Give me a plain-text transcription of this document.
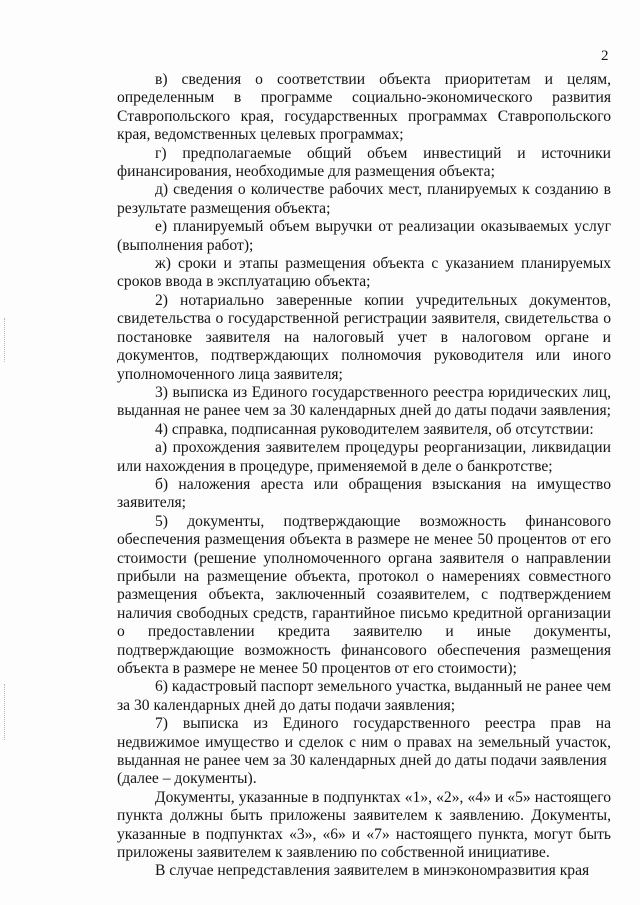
2

в) сведения о соответствии объекта приоритетам и целям, определенным в программе социально-экономического развития Ставропольского края, государственных программах Ставропольского края, ведомственных целевых программах;

г) предполагаемые общий объем инвестиций и источники финансирования, необходимые для размещения объекта;

д) сведения о количестве рабочих мест, планируемых к созданию в результате размещения объекта;

е) планируемый объем выручки от реализации оказываемых услуг (выполнения работ);

ж) сроки и этапы размещения объекта с указанием планируемых сроков ввода в эксплуатацию объекта;

2) нотариально заверенные копии учредительных документов, свидетельства о государственной регистрации заявителя, свидетельства о постановке заявителя на налоговый учет в налоговом органе и документов, подтверждающих полномочия руководителя или иного уполномоченного лица заявителя;

3) выписка из Единого государственного реестра юридических лиц, выданная не ранее чем за 30 календарных дней до даты подачи заявления;

4) справка, подписанная руководителем заявителя, об отсутствии:

а) прохождения заявителем процедуры реорганизации, ликвидации или нахождения в процедуре, применяемой в деле о банкротстве;

б) наложения ареста или обращения взыскания на имущество заявителя;

5) документы, подтверждающие возможность финансового обеспечения размещения объекта в размере не менее 50 процентов от его стоимости (решение уполномоченного органа заявителя о направлении прибыли на размещение объекта, протокол о намерениях совместного размещения объекта, заключенный созаявителем, с подтверждением наличия свободных средств, гарантийное письмо кредитной организации о предоставлении кредита заявителю и иные документы, подтверждающие возможность финансового обеспечения размещения объекта в размере не менее 50 процентов от его стоимости);

6) кадастровый паспорт земельного участка, выданный не ранее чем за 30 календарных дней до даты подачи заявления;

7) выписка из Единого государственного реестра прав на недвижимое имущество и сделок с ним о правах на земельный участок, выданная не ранее чем за 30 календарных дней до даты подачи заявления

(далее – документы).

Документы, указанные в подпунктах «1», «2», «4» и «5» настоящего пункта должны быть приложены заявителем к заявлению. Документы, указанные в подпунктах «3», «6» и «7» настоящего пункта, могут быть приложены заявителем к заявлению по собственной инициативе.

В случае непредставления заявителем в минэкономразвития края
